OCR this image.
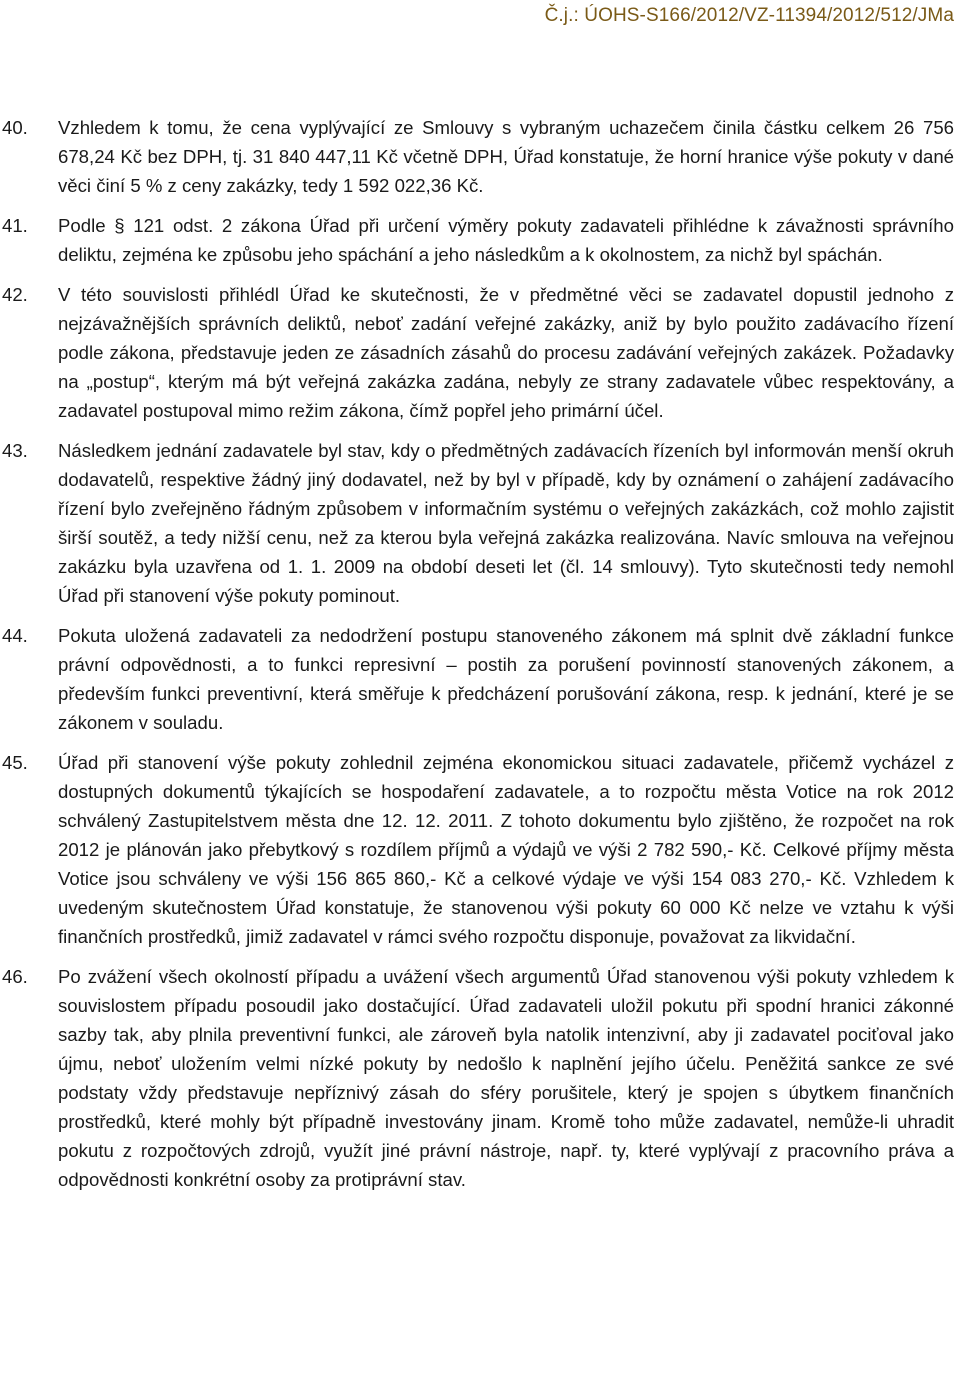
Č.j.: ÚOHS-S166/2012/VZ-11394/2012/512/JMa
40.	Vzhledem k tomu, že cena vyplývající ze Smlouvy s vybraným uchazečem činila částku celkem 26 756 678,24 Kč bez DPH, tj. 31 840 447,11 Kč včetně DPH, Úřad konstatuje, že horní hranice výše pokuty v dané věci činí 5 % z ceny zakázky, tedy 1 592 022,36 Kč.
41.	Podle § 121 odst. 2 zákona Úřad při určení výměry pokuty zadavateli přihlédne k závažnosti správního deliktu, zejména ke způsobu jeho spáchání a jeho následkům a k okolnostem, za nichž byl spáchán.
42.	V této souvislosti přihlédl Úřad ke skutečnosti, že v předmětné věci se zadavatel dopustil jednoho z nejzávažnějších správních deliktů, neboť zadání veřejné zakázky, aniž by bylo použito zadávacího řízení podle zákona, představuje jeden ze zásadních zásahů do procesu zadávání veřejných zakázek. Požadavky na „postup“, kterým má být veřejná zakázka zadána, nebyly ze strany zadavatele vůbec respektovány, a zadavatel postupoval mimo režim zákona, čímž popřel jeho primární účel.
43.	Následkem jednání zadavatele byl stav, kdy o předmětných zadávacích řízeních byl informován menší okruh dodavatelů, respektive žádný jiný dodavatel, než by byl v případě, kdy by oznámení o zahájení zadávacího řízení bylo zveřejněno řádným způsobem v informačním systému o veřejných zakázkách, což mohlo zajistit širší soutěž, a tedy nižší cenu, než za kterou byla veřejná zakázka realizována. Navíc smlouva na veřejnou zakázku byla uzavřena od 1. 1. 2009 na období deseti let (čl. 14 smlouvy). Tyto skutečnosti tedy nemohl Úřad při stanovení výše pokuty pominout.
44.	Pokuta uložená zadavateli za nedodržení postupu stanoveného zákonem má splnit dvě základní funkce právní odpovědnosti, a to funkci represivní – postih za porušení povinností stanovených zákonem, a především funkci preventivní, která směřuje k předcházení porušování zákona, resp. k jednání, které je se zákonem v souladu.
45.	Úřad při stanovení výše pokuty zohlednil zejména ekonomickou situaci zadavatele, přičemž vycházel z dostupných dokumentů týkajících se hospodaření zadavatele, a to rozpočtu města Votice na rok 2012 schválený Zastupitelstvem města dne 12. 12. 2011. Z tohoto dokumentu bylo zjištěno, že rozpočet na rok 2012 je plánován jako přebytkový s rozdílem příjmů a výdajů ve výši 2 782 590,- Kč. Celkové příjmy města Votice jsou schváleny ve výši 156 865 860,- Kč a celkové výdaje ve výši 154 083 270,- Kč. Vzhledem k uvedeným skutečnostem Úřad konstatuje, že stanovenou výši pokuty 60 000 Kč nelze ve vztahu k výši finančních prostředků, jimiž zadavatel v rámci svého rozpočtu disponuje, považovat za likvidační.
46.	Po zvážení všech okolností případu a uvážení všech argumentů Úřad stanovenou výši pokuty vzhledem k souvislostem případu posoudil jako dostačující. Úřad zadavateli uložil pokutu při spodní hranici zákonné sazby tak, aby plnila preventivní funkci, ale zároveň byla natolik intenzivní, aby ji zadavatel pociťoval jako újmu, neboť uložením velmi nízké pokuty by nedošlo k naplnění jejího účelu. Peněžitá sankce ze své podstaty vždy představuje nepříznivý zásah do sféry porušitele, který je spojen s úbytkem finančních prostředků, které mohly být případně investovány jinam. Kromě toho může zadavatel, nemůže-li uhradit pokutu z rozpočtových zdrojů, využít jiné právní nástroje, např. ty, které vyplývají z pracovního práva a odpovědnosti konkrétní osoby za protiprávní stav.
